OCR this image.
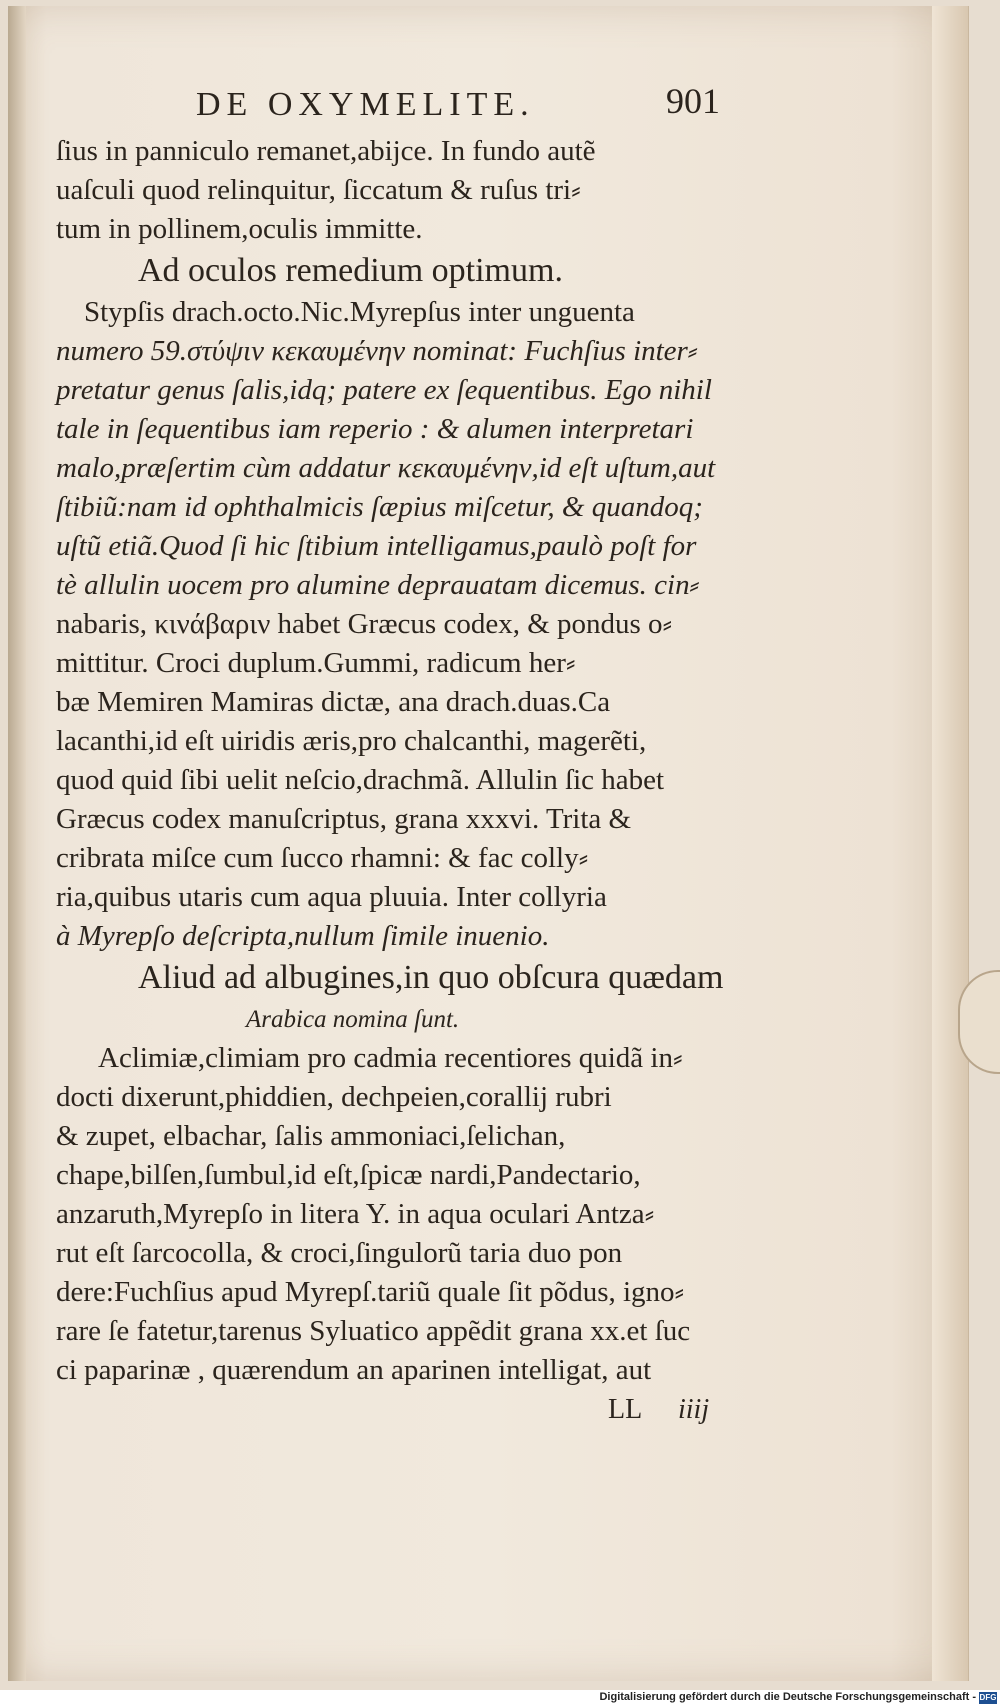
DE OXYMELITE.	901
ſius in panniculo remanet,abijce. In fundo autẽ
uaſculi quod relinquitur, ſiccatum & ruſus tri⸗
tum in pollinem,oculis immitte.
Ad oculos remedium optimum.
Stypſis drach.octo.Nic.Myrepſus inter unguenta
numero 59.στύψιν κεκαυμένην nominat: Fuchſius inter⸗
pretatur genus ſalis,idq; patere ex ſequentibus. Ego nihil
tale in ſequentibus iam reperio : & alumen interpretari
malo,præſertim cùm addatur κεκαυμένην,id eſt uſtum,aut
ſtibiũ:nam id ophthalmicis ſæpius miſcetur, & quandoq;
uſtũ etiã.Quod ſi hic ſtibium intelligamus,paulò poſt for
tè allulin uocem pro alumine deprauatam dicemus. cin⸗
nabaris, κινάβαριν habet Græcus codex, & pondus o⸗
mittitur. Croci duplum.Gummi, radicum her⸗
bæ Memiren Mamiras dictæ, ana drach.duas.Ca
lacanthi,id eſt uiridis æris,pro chalcanthi, magerẽti,
quod quid ſibi uelit neſcio,drachmã. Allulin ſic habet
Græcus codex manuſcriptus, grana xxxvi. Trita &
cribrata miſce cum ſucco rhamni: & fac colly⸗
ria,quibus utaris cum aqua pluuia. Inter collyria
à Myrepſo deſcripta,nullum ſimile inuenio.
Aliud ad albugines,in quo obſcura quædam
Arabica nomina ſunt.
Aclimiæ,climiam pro cadmia recentiores quidã in⸗
docti dixerunt,phiddien, dechpeien,corallij rubri
& zupet, elbachar, ſalis ammoniaci,ſelichan,
chape,bilſen,ſumbul,id eſt,ſpicæ nardi,Pandectario,
anzaruth,Myrepſo in litera Y. in aqua oculari Antza⸗
rut eſt ſarcocolla, & croci,ſingulorũ taria duo pon
dere:Fuchſius apud Myrepſ.tariũ quale ſit põdus, igno⸗
rare ſe fatetur,tarenus Syluatico appẽdit grana xx.et ſuc
ci paparinæ , quærendum an aparinen intelligat, aut
LL iiij
Digitalisierung gefördert durch die Deutsche Forschungsgemeinschaft - DFG
